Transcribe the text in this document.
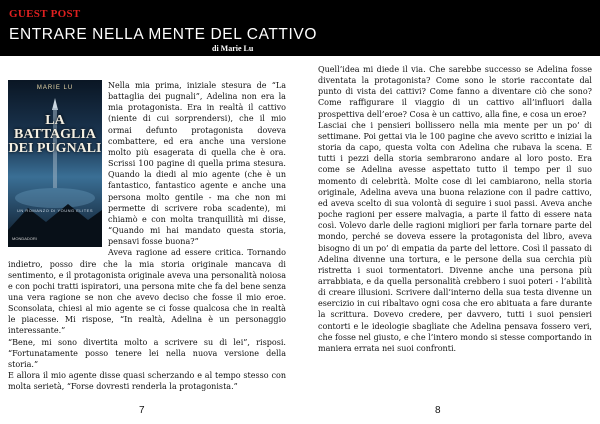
GUEST POST
ENTRARE NELLA MENTE DEL CATTIVO
di Marie Lu
MARIE LU
LA BATTAGLIA DEI PUGNALI
UN ROMANZO DI YOUNG ELITES
MONDADORI

Nella mia prima, iniziale stesura de “La battaglia dei pugnali”, Adelina non era la mia protagonista. Era in realtà il cattivo (niente di cui sorprendersi), che il mio ormai defunto protagonista doveva combattere, ed era anche una versione molto più esagerata di quella che è ora. Scrissi 100 pagine di quella prima stesura. Quando la diedi al mio agente (che è un fantastico, fantastico agente e anche una persona molto gentile - ma che non mi permette di scrivere roba scadente), mi chiamò e con molta tranquillità mi disse, “Quando mi hai mandato questa storia, pensavi fosse buona?”

Aveva ragione ad essere critica. Tornando indietro, posso dire che la mia storia originale mancava di sentimento, e il protagonista originale aveva una personalità noiosa e con pochi tratti ispiratori, una persona mite che fa del bene senza una vera ragione se non che avevo deciso che fosse il mio eroe. Sconsolata, chiesi al mio agente se ci fosse qualcosa che in realtà le piacesse. Mi rispose, “In realtà, Adelina è un personaggio interessante.”

“Bene, mi sono divertita molto a scrivere su di lei”, risposi. “Fortunatamente posso tenere lei nella nuova versione della storia.”

E allora il mio agente disse quasi scherzando e al tempo stesso con molta serietà, “Forse dovresti renderla la protagonista.”

Quell’idea mi diede il via. Che sarebbe successo se Adelina fosse diventata la protagonista? Come sono le storie raccontate dal punto di vista dei cattivi? Come fanno a diventare ciò che sono? Come raffigurare il viaggio di un cattivo all’influori dalla prospettiva dell’eroe? Cosa è un cattivo, alla fine, e cosa un eroe?

Lasciai che i pensieri bollissero nella mia mente per un po’ di settimane. Poi gettai via le 100 pagine che avevo scritto e iniziai la storia da capo, questa volta con Adelina che rubava la scena. E tutti i pezzi della storia sembrarono andare al loro posto. Era come se Adelina avesse aspettato tutto il tempo per il suo momento di celebrità. Molte cose di lei cambiarono, nella storia originale, Adelina aveva una buona relazione con il padre cattivo, ed aveva scelto di sua volontà di seguire i suoi passi. Aveva anche poche ragioni per essere malvagia, a parte il fatto di essere nata così. Volevo darle delle ragioni migliori per farla tornare parte del mondo, perché se doveva essere la protagonista del libro, aveva bisogno di un po’ di empatia da parte del lettore. Così il passato di Adelina divenne una tortura, e le persone della sua cerchia più ristretta i suoi tormentatori. Divenne anche una persona più arrabbiata, e da quella personalità crebbero i suoi poteri - l’abilità di creare illusioni. Scrivere dall’interno della sua testa divenne un esercizio in cui ribaltavo ogni cosa che ero abituata a fare durante la scrittura. Dovevo credere, per davvero, tutti i suoi pensieri contorti e le ideologie sbagliate che Adelina pensava fossero veri, che fosse nel giusto, e che l’intero mondo si stesse comportando in maniera errata nei suoi confronti.

7	8
